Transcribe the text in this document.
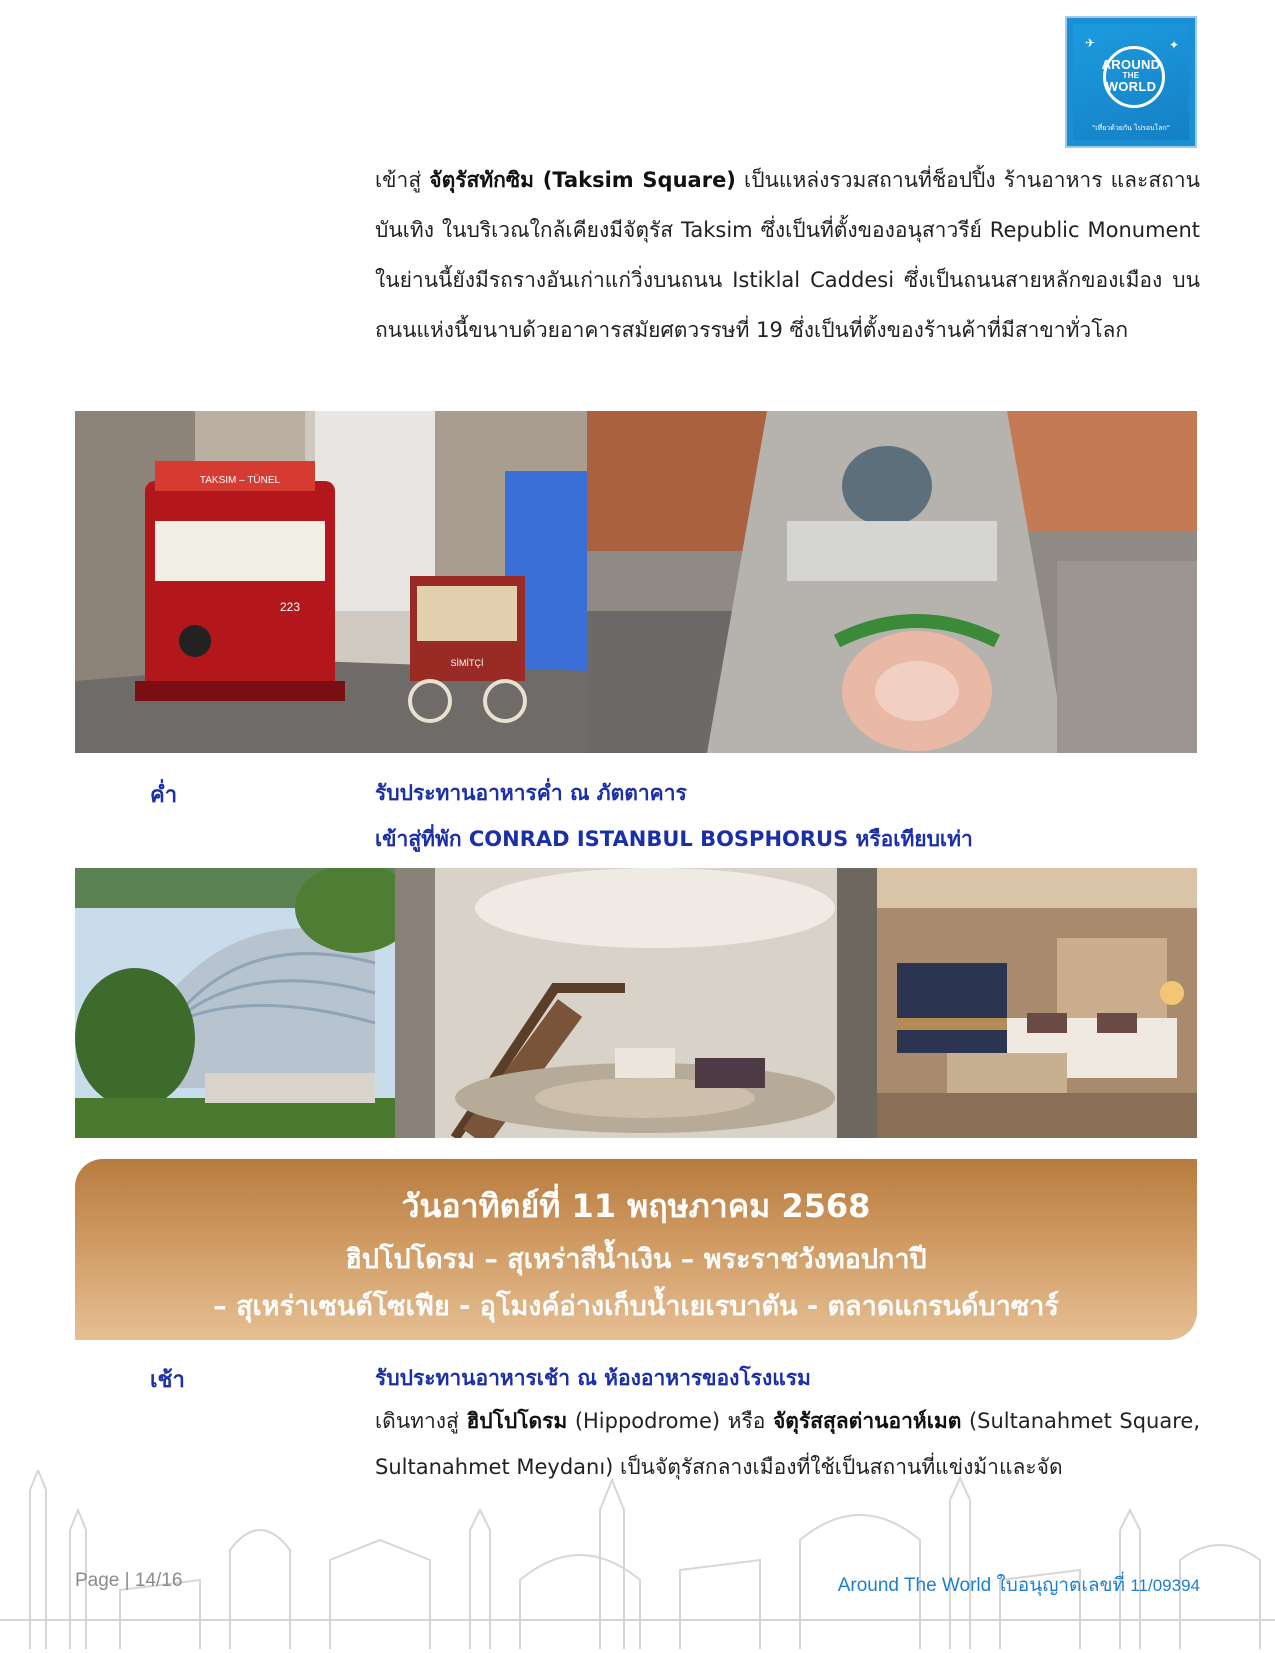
✈	✦
AROUND
THE
WORLD
"เที่ยวด้วยกัน ไปรอบโลก"
เข้าสู่ จัตุรัสทักซิม (Taksim Square) เป็นแหล่งรวมสถานที่ช็อปปิ้ง ร้านอาหาร และสถานบันเทิง ในบริเวณใกล้เคียงมีจัตุรัส Taksim ซึ่งเป็นที่ตั้งของอนุสาวรีย์ Republic Monument ในย่านนี้ยังมีรถรางอันเก่าแก่วิ่งบนถนน Istiklal Caddesi ซึ่งเป็นถนนสายหลักของเมือง บนถนนแห่งนี้ขนาบด้วยอาคารสมัยศตวรรษที่ 19 ซึ่งเป็นที่ตั้งของร้านค้าที่มีสาขาทั่วโลก
TAKSIM – TÜNEL
223
SİMİTÇİ
ค่ำ	รับประทานอาหารค่ำ ณ ภัตตาคาร
เข้าสู่ที่พัก CONRAD ISTANBUL BOSPHORUS หรือเทียบเท่า
วันอาทิตย์ที่ 11 พฤษภาคม 2568
ฮิปโปโดรม – สุเหร่าสีน้ำเงิน – พระราชวังทอปกาปี
– สุเหร่าเซนต์โซเฟีย - อุโมงค์อ่างเก็บน้ำเยเรบาตัน - ตลาดแกรนด์บาซาร์
เช้า	รับประทานอาหารเช้า ณ ห้องอาหารของโรงแรม
เดินทางสู่ ฮิปโปโดรม (Hippodrome) หรือ จัตุรัสสุลต่านอาห์เมต (Sultanahmet Square, Sultanahmet Meydanı) เป็นจัตุรัสกลางเมืองที่ใช้เป็นสถานที่แข่งม้าและจัด
Page | 14/16	Around The World ใบอนุญาตเลขที่ 11/09394
